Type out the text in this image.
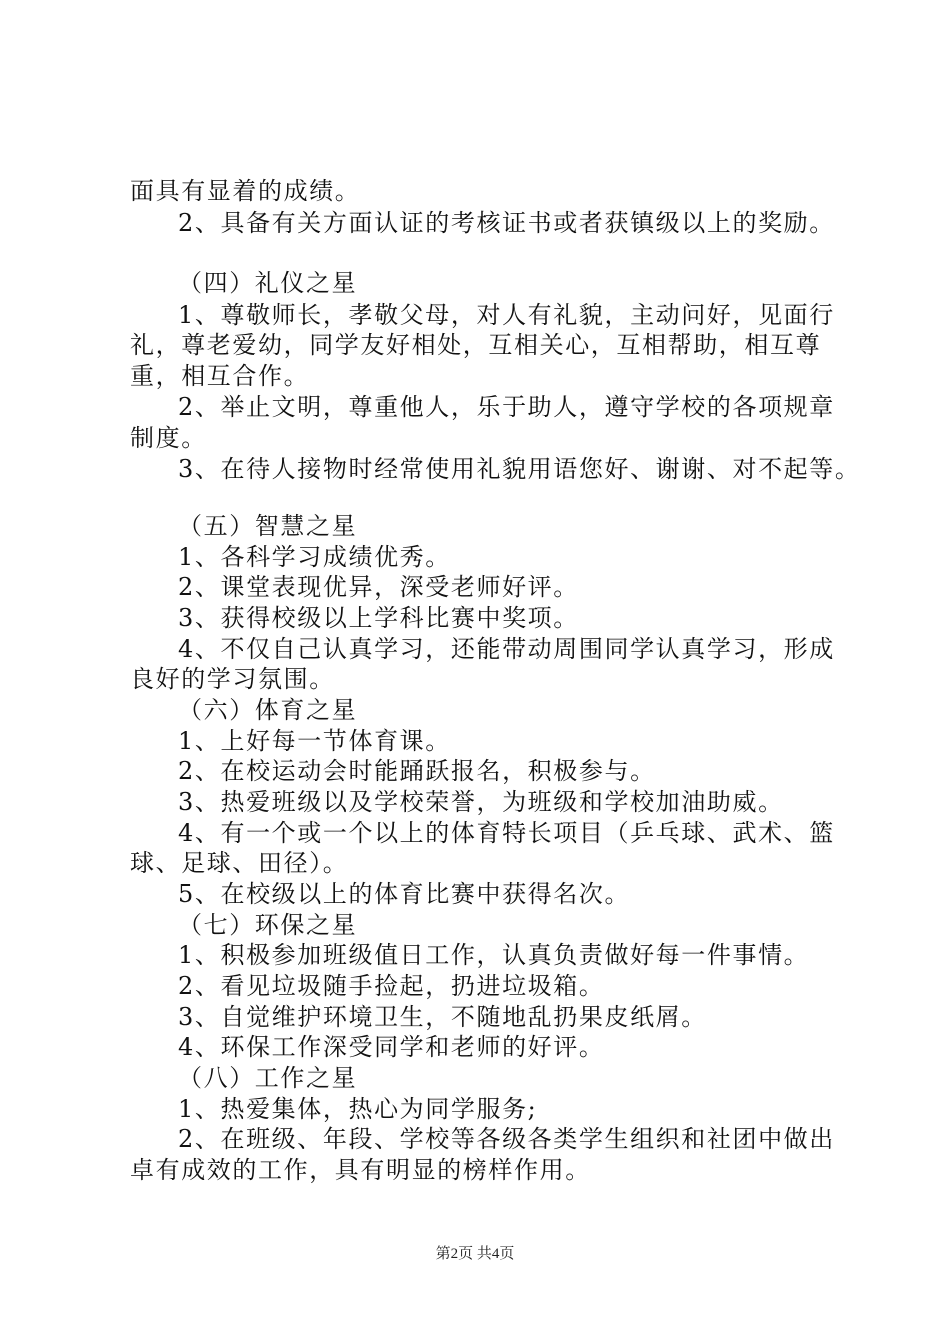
面具有显着的成绩。
2、具备有关方面认证的考核证书或者获镇级以上的奖励。
（四）礼仪之星
1、尊敬师长，孝敬父母，对人有礼貌，主动问好，见面行
礼，尊老爱幼，同学友好相处，互相关心，互相帮助，相互尊
重，相互合作。
2、举止文明，尊重他人，乐于助人，遵守学校的各项规章
制度。
3、在待人接物时经常使用礼貌用语您好、谢谢、对不起等。
（五）智慧之星
1、各科学习成绩优秀。
2、课堂表现优异，深受老师好评。
3、获得校级以上学科比赛中奖项。
4、不仅自己认真学习，还能带动周围同学认真学习，形成
良好的学习氛围。
（六）体育之星
1、上好每一节体育课。
2、在校运动会时能踊跃报名，积极参与。
3、热爱班级以及学校荣誉，为班级和学校加油助威。
4、有一个或一个以上的体育特长项目（乒乓球、武术、篮
球、足球、田径）。
5、在校级以上的体育比赛中获得名次。
（七）环保之星
1、积极参加班级值日工作，认真负责做好每一件事情。
2、看见垃圾随手捡起，扔进垃圾箱。
3、自觉维护环境卫生，不随地乱扔果皮纸屑。
4、环保工作深受同学和老师的好评。
（八）工作之星
1、热爱集体，热心为同学服务;
2、在班级、年段、学校等各级各类学生组织和社团中做出
卓有成效的工作，具有明显的榜样作用。
第2页 共4页
